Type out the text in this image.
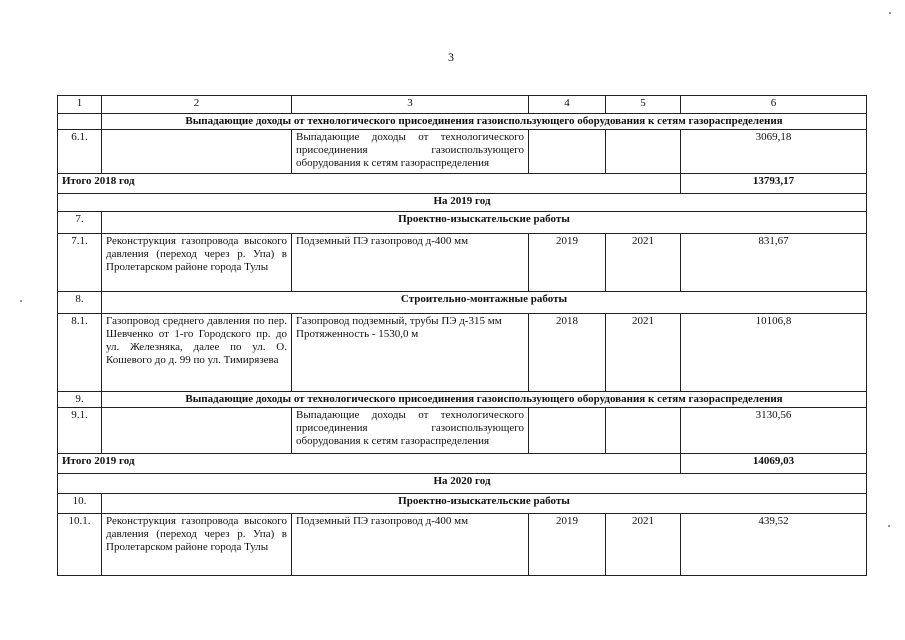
3
1	2	3	4	5	6
	Выпадающие доходы от технологического присоединения газоиспользующего оборудования к сетям газораспределения				
6.1.		Выпадающие доходы от технологического присоединения газоиспользующего оборудования к сетям газораспределения			3069,18
Итого 2018 год					13793,17
На 2019 год					
7.	Проектно-изыскательские работы				
7.1.	Реконструкция газопровода высокого давления (переход через р. Упа) в Пролетарском районе города Тулы	Подземный ПЭ газопровод д-400 мм	2019	2021	831,67
8.	Строительно-монтажные работы				
8.1.	Газопровод среднего давления по пер. Шевченко от 1-го Городского пр. до ул. Железняка, далее по ул. О. Кошевого до д. 99 по ул. Тимирязева	Газопровод подземный, трубы ПЭ д-315 мм Протяженность - 1530,0 м	2018	2021	10106,8
9.	Выпадающие доходы от технологического присоединения газоиспользующего оборудования к сетям газораспределения				
9.1.		Выпадающие доходы от технологического присоединения газоиспользующего оборудования к сетям газораспределения			3130,56
Итого 2019 год					14069,03
На 2020 год					
10.	Проектно-изыскательские работы				
10.1.	Реконструкция газопровода высокого давления (переход через р. Упа) в Пролетарском районе города Тулы	Подземный ПЭ газопровод д-400 мм	2019	2021	439,52
